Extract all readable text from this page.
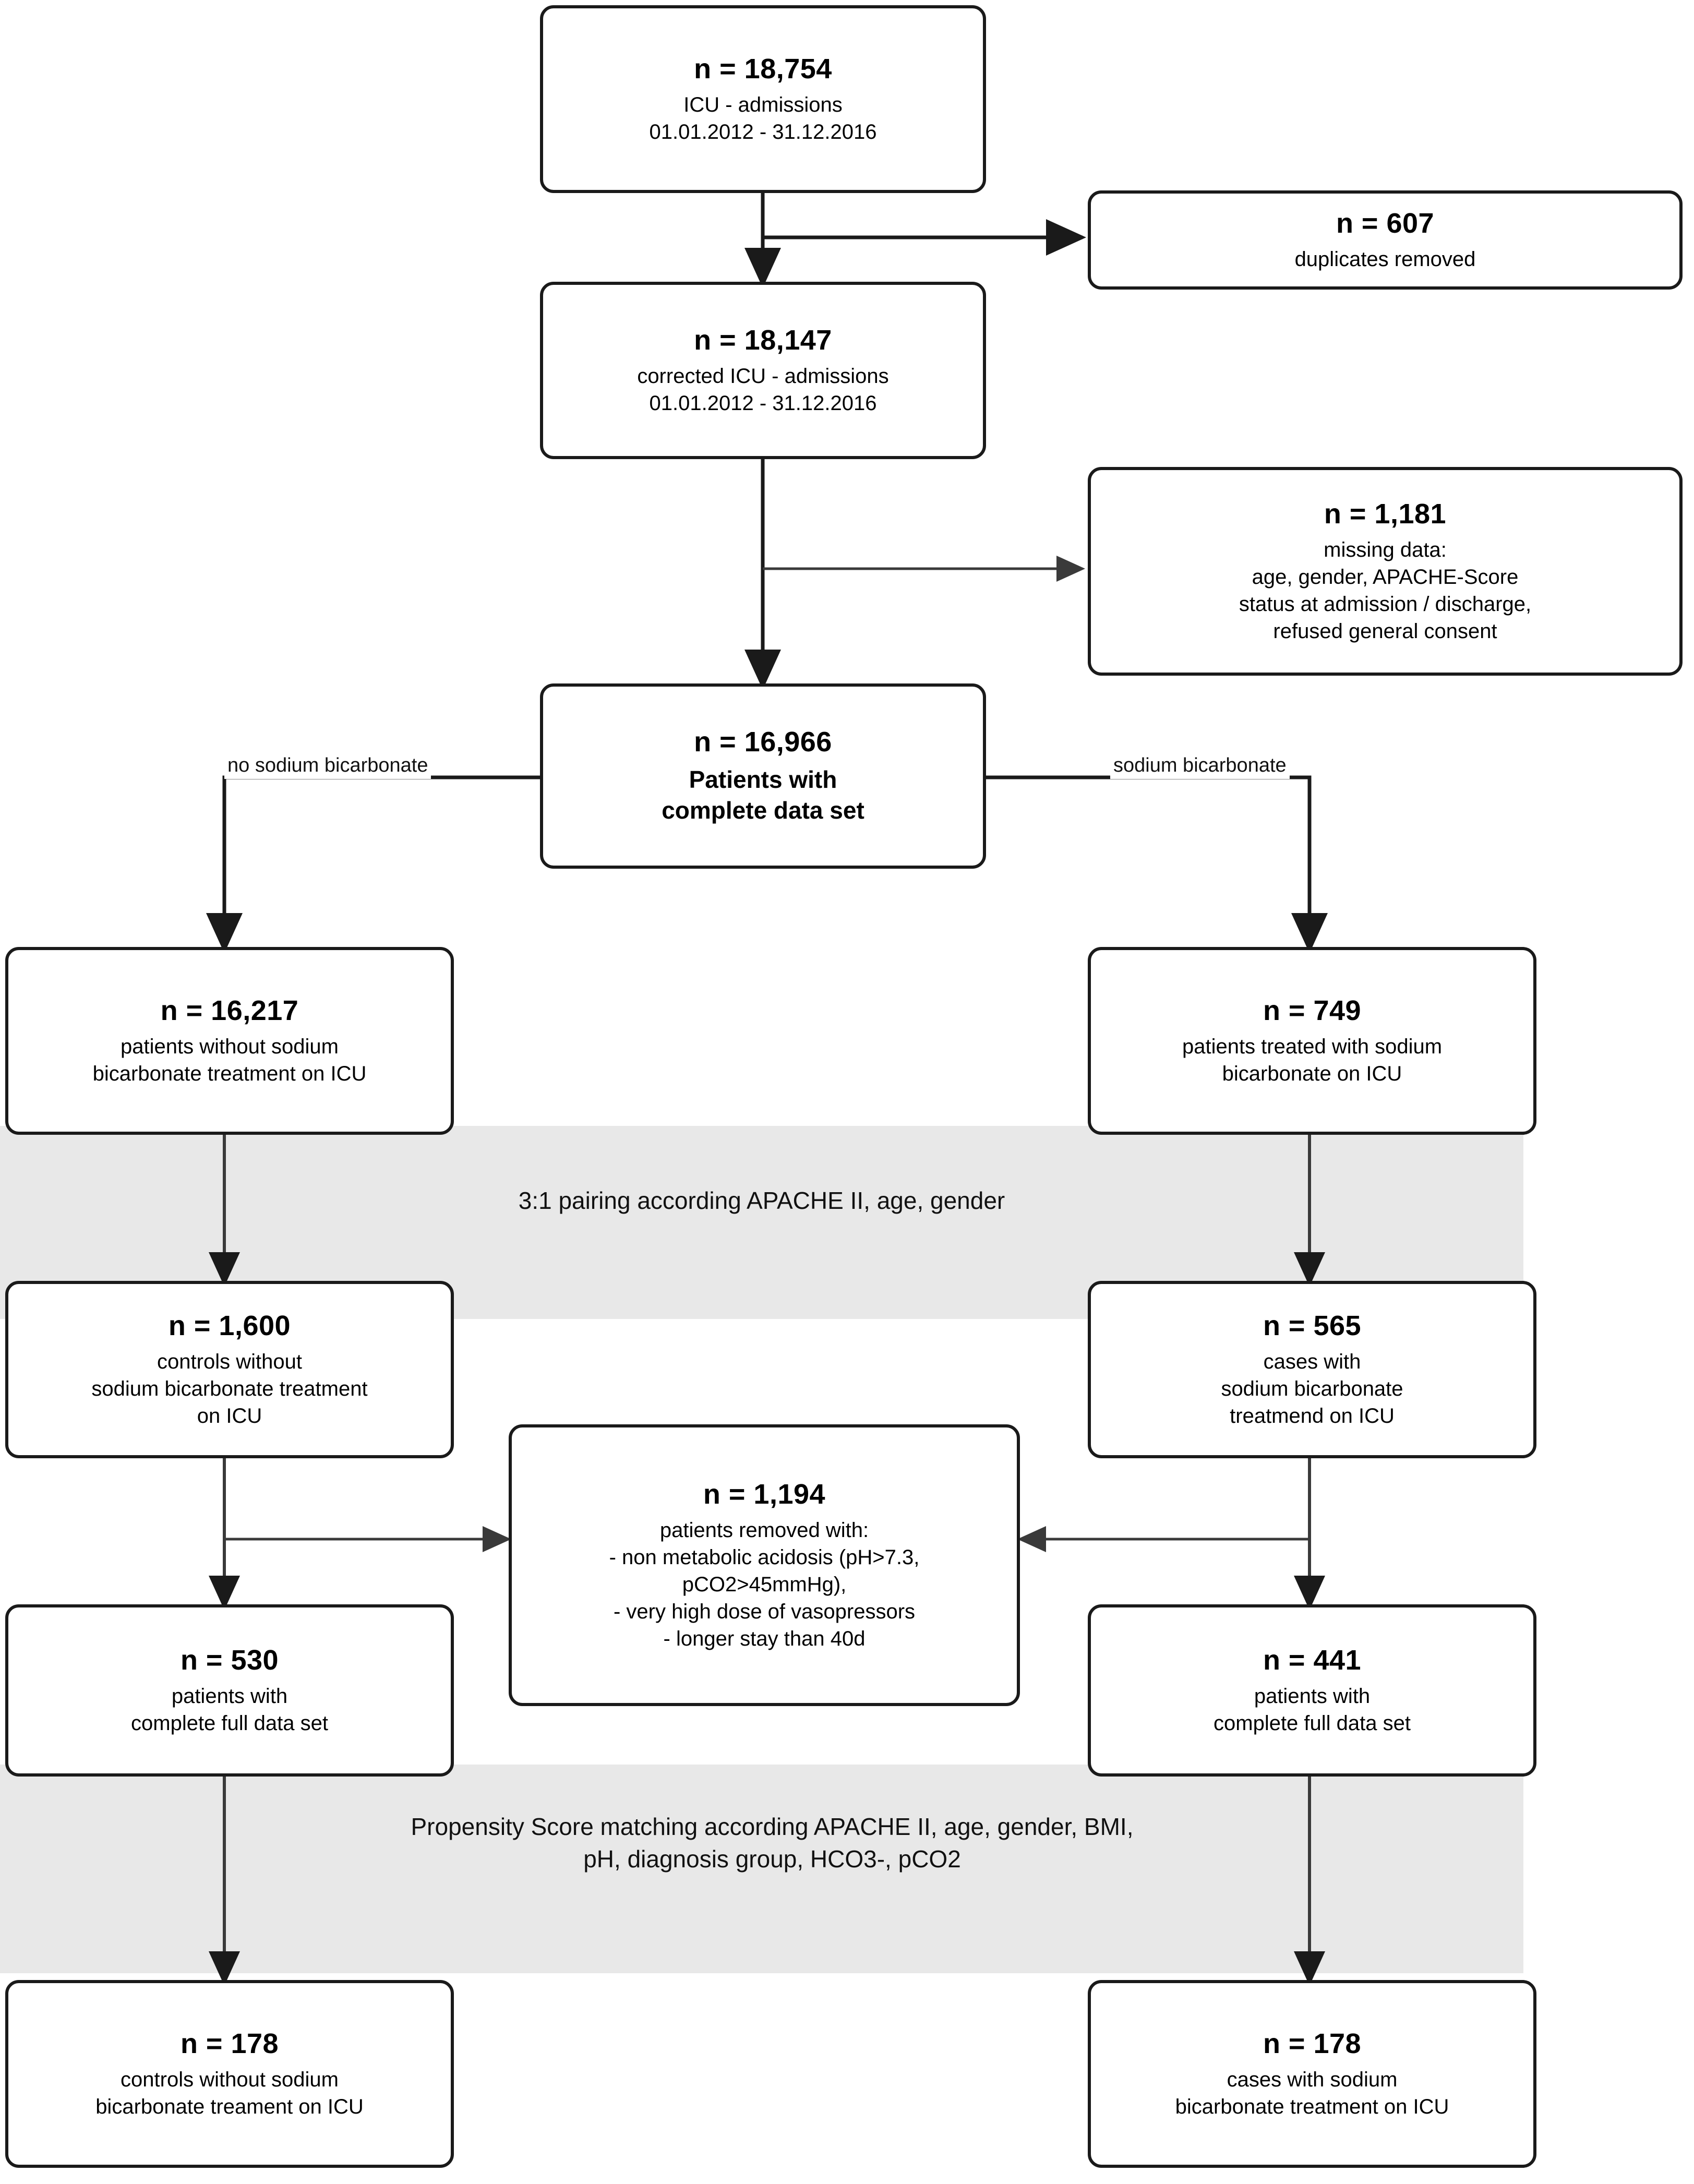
no sodium bicarbonate	sodium bicarbonate
3:1 pairing according APACHE II, age, gender
Propensity Score matching according APACHE II, age, gender, BMI, pH, diagnosis group, HCO3-, pCO2
n = 18,754
ICU - admissions
01.01.2012 - 31.12.2016
n = 607
duplicates removed
n = 18,147
corrected ICU - admissions
01.01.2012 - 31.12.2016
n = 1,181
missing data:
age, gender, APACHE-Score
status at admission / discharge,
refused general consent
n = 16,966
Patients with
complete data set
n = 16,217
patients without sodium
bicarbonate treatment on ICU
n = 749
patients treated with sodium
bicarbonate on ICU
n = 1,600
controls without
sodium bicarbonate treatment
on ICU
n = 565
cases with
sodium bicarbonate
treatmend on ICU
n = 1,194
patients removed with:
- non metabolic acidosis (pH>7.3,
pCO2>45mmHg),
- very high dose of vasopressors
- longer stay than 40d
n = 530
patients with
complete full data set
n = 441
patients with
complete full data set
n = 178
controls without sodium
bicarbonate treament on ICU
n = 178
cases with sodium
bicarbonate treatment on ICU
